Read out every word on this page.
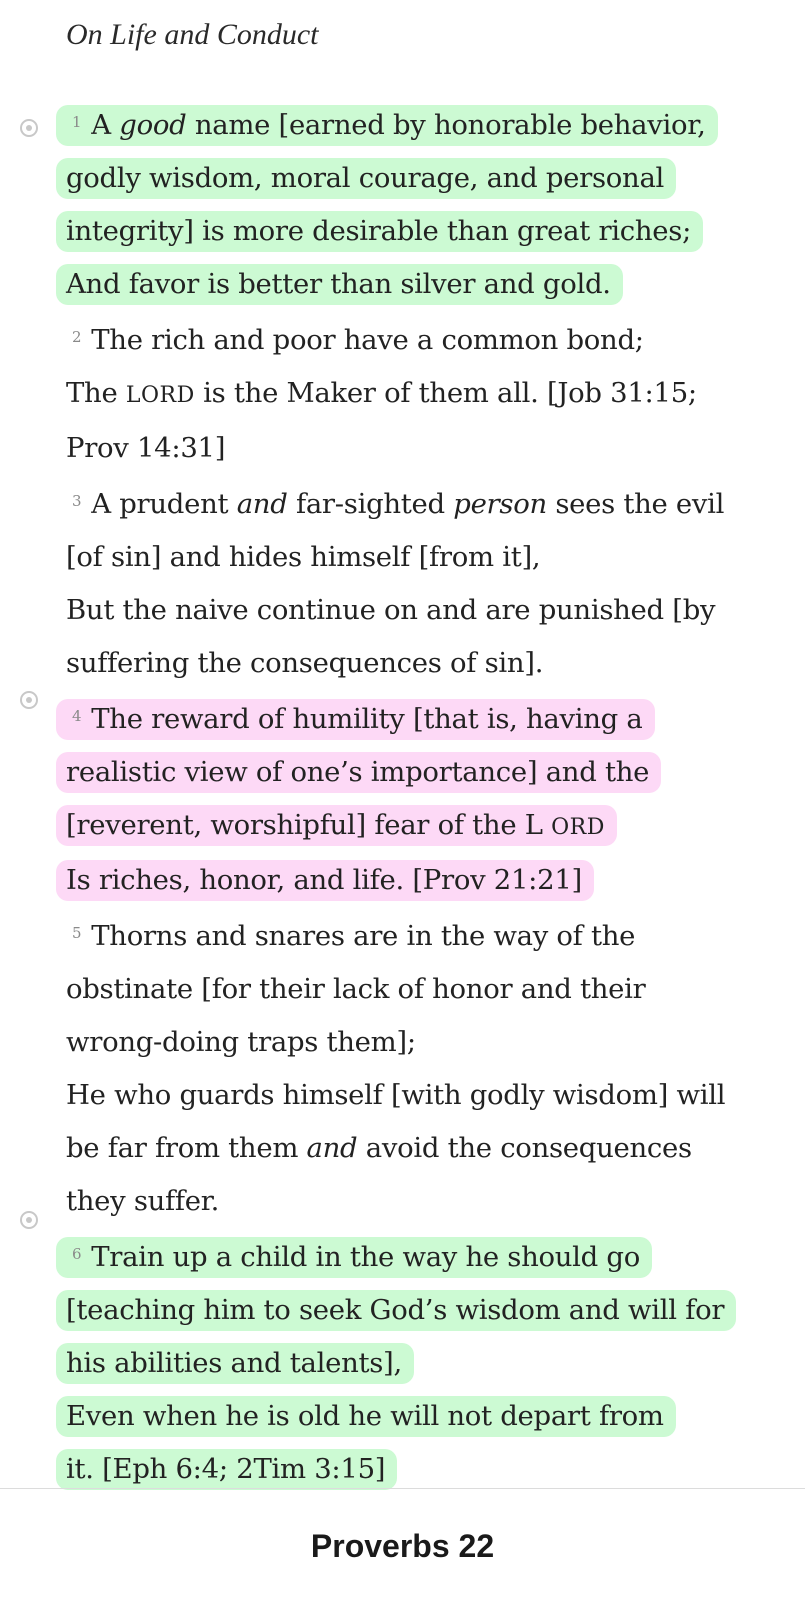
On Life and Conduct
$^1$ A good name [earned by honorable behavior,
godly wisdom, moral courage, and personal
integrity] is more desirable than great riches;
And favor is better than silver and gold.
$^2$ The rich and poor have a common bond;
The LORD is the Maker of them all. [Job 31:15;
Prov 14:31]
$^3$ A prudent and far-sighted person sees the evil
[of sin] and hides himself [from it],
But the naive continue on and are punished [by
suffering the consequences of sin].
$^4$ The reward of humility [that is, having a
realistic view of one’s importance] and the
[reverent, worshipful] fear of the L ORD
Is riches, honor, and life. [Prov 21:21]
$^5$ Thorns and snares are in the way of the
obstinate [for their lack of honor and their
wrong-doing traps them];
He who guards himself [with godly wisdom] will
be far from them and avoid the consequences
they suffer.
$^6$ Train up a child in the way he should go
[teaching him to seek God’s wisdom and will for
his abilities and talents],
Even when he is old he will not depart from
it. [Eph 6:4; 2Tim 3:15]
Proverbs 22
